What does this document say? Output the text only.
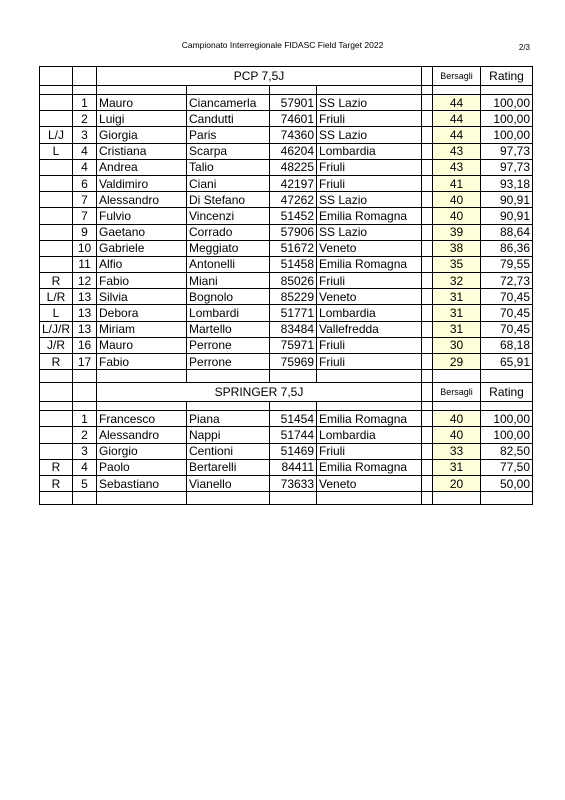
Campionato Interregionale FIDASC Field Target 2022	2/3
		PCP 7,5J					Bersagli	Rating

	1	Mauro	Ciancamerla	57901	SS Lazio		44	100,00
	2	Luigi	Candutti	74601	Friuli		44	100,00
L/J	3	Giorgia	Paris	74360	SS Lazio		44	100,00
L	4	Cristiana	Scarpa	46204	Lombardia		43	97,73
	4	Andrea	Talio	48225	Friuli		43	97,73
	6	Valdimiro	Ciani	42197	Friuli		41	93,18
	7	Alessandro	Di Stefano	47262	SS Lazio		40	90,91
	7	Fulvio	Vincenzi	51452	Emilia Romagna		40	90,91
	9	Gaetano	Corrado	57906	SS Lazio		39	88,64
	10	Gabriele	Meggiato	51672	Veneto		38	86,36
	11	Alfio	Antonelli	51458	Emilia Romagna		35	79,55
R	12	Fabio	Miani	85026	Friuli		32	72,73
L/R	13	Silvia	Bognolo	85229	Veneto		31	70,45
L	13	Debora	Lombardi	51771	Lombardia		31	70,45
L/J/R	13	Miriam	Martello	83484	Vallefredda		31	70,45
J/R	16	Mauro	Perrone	75971	Friuli		30	68,18
R	17	Fabio	Perrone	75969	Friuli		29	65,91

		SPRINGER 7,5J					Bersagli	Rating

	1	Francesco	Piana	51454	Emilia Romagna		40	100,00
	2	Alessandro	Nappi	51744	Lombardia		40	100,00
	3	Giorgio	Centioni	51469	Friuli		33	82,50
R	4	Paolo	Bertarelli	84411	Emilia Romagna		31	77,50
R	5	Sebastiano	Vianello	73633	Veneto		20	50,00
